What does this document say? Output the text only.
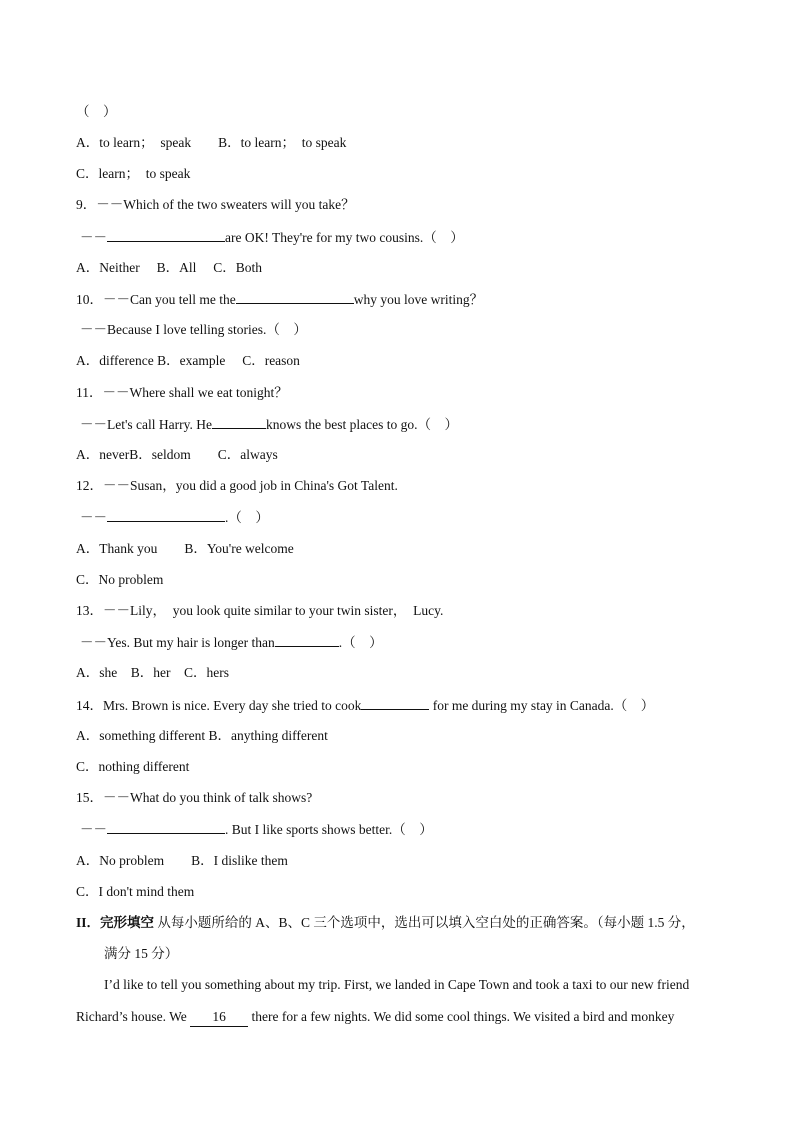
（　）
A．to learn；　speak　　B．to learn；　to speak
C．learn；　to speak
9．－－Which of the two sweaters will you take？
－－	are OK! They're for my two cousins.（　）
A．Neither　 B．All　 C．Both
10．－－Can you tell me the	why you love writing？
－－Because I love telling stories.（　）
A．difference B．example　 C．reason
11．－－Where shall we eat tonight？
－－Let's call Harry. He	knows the best places to go.（　）
A．neverB．seldom　　C．always
12．－－Susan，you did a good job in China's Got Talent.
－－	.（　）
A．Thank you　　B．You're welcome
C．No problem
13．－－Lily，　you look quite similar to your twin sister，　Lucy.
－－Yes. But my hair is longer than	.（　）
A．she　B．her　C．hers
14．Mrs. Brown is nice. Every day she tried to cook	for me during my stay in Canada.（　）
A．something different B．anything different
C．nothing different
15．－－What do you think of talk shows?
－－	. But I like sports shows better.（　）
A．No problem　　B．I dislike them
C．I don't mind them
II．完形填空 从每小题所给的 A、B、C 三个选项中，选出可以填入空白处的正确答案。（每小题 1.5 分，
满分 15 分）
I’d like to tell you something about my trip. First, we landed in Cape Town and took a taxi to our new friend
Richard’s house. We 16 there for a few nights. We did some cool things. We visited a bird and monkey
